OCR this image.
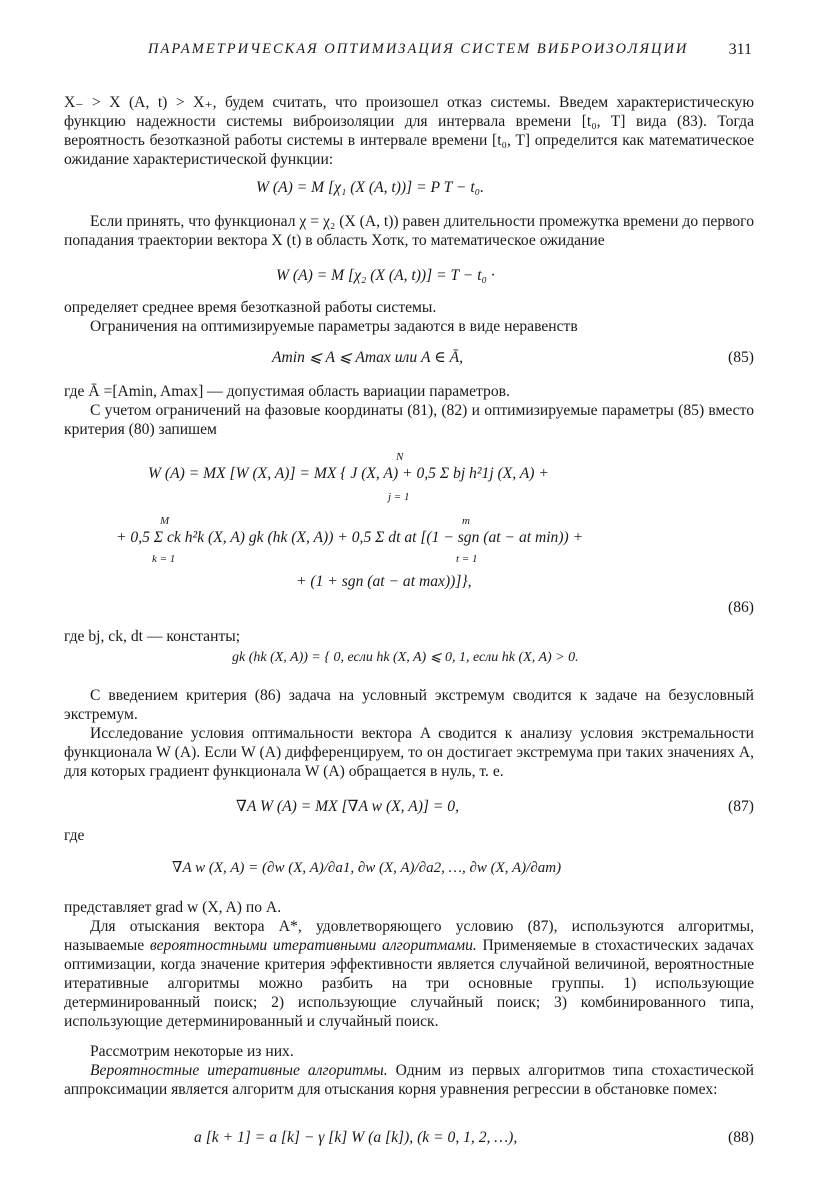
ПАРАМЕТРИЧЕСКАЯ ОПТИМИЗАЦИЯ СИСТЕМ ВИБРОИЗОЛЯЦИИ	311

X₋ > X (A, t) > X₊, будем считать, что произошел отказ системы. Введем характеристическую функцию надежности системы виброизоляции для интервала времени [t₀, T] вида (83). Тогда вероятность безотказной работы системы в интервале времени [t₀, T] определится как математическое ожидание характеристической функции:

W (A) = M [χ₁ (X (A, t))] = P T − t₀.

Если принять, что функционал χ = χ₂ (X (A, t)) равен длительности промежутка времени до первого попадания траектории вектора X (t) в область Xотк, то математическое ожидание

W (A) = M [χ₂ (X (A, t))] = T − t₀ ·

определяет среднее время безотказной работы системы.

Ограничения на оптимизируемые параметры задаются в виде неравенств

Amin ⩽ A ⩽ Amax или A ∈ Ā,	(85)

где Ā =[Amin, Amax] — допустимая область вариации параметров.

С учетом ограничений на фазовые координаты (81), (82) и оптимизируемые параметры (85) вместо критерия (80) запишем

W (A) = MX [W (X, A)] = MX { J (X, A) + 0,5 Σ bj h²1j (X, A) +
N
j = 1
+ 0,5 Σ ck h²k (X, A) gk (hk (X, A)) + 0,5 Σ dt at [(1 − sgn (at − at min)) +
M
k = 1
m
t = 1
+ (1 + sgn (at − at max))]},
(86)

где bj, ck, dt — константы;

gk (hk (X, A)) = { 0, если hk (X, A) ⩽ 0, 1, если hk (X, A) > 0.

С введением критерия (86) задача на условный экстремум сводится к задаче на безусловный экстремум.

Исследование условия оптимальности вектора A сводится к анализу условия экстремальности функционала W (A). Если W (A) дифференцируем, то он достигает экстремума при таких значениях A, для которых градиент функционала W (A) обращается в нуль, т. е.

∇A W (A) = MX [∇A w (X, A)] = 0,	(87)

где

∇A w (X, A) = (∂w (X, A)/∂a1, ∂w (X, A)/∂a2, …, ∂w (X, A)/∂am)

представляет grad w (X, A) по A.

Для отыскания вектора A*, удовлетворяющего условию (87), используются алгоритмы, называемые вероятностными итеративными алгоритмами. Применяемые в стохастических задачах оптимизации, когда значение критерия эффективности является случайной величиной, вероятностные итеративные алгоритмы можно разбить на три основные группы. 1) использующие детерминированный поиск; 2) использующие случайный поиск; 3) комбинированного типа, использующие детерминированный и случайный поиск.

Рассмотрим некоторые из них.

Вероятностные итеративные алгоритмы. Одним из первых алгоритмов типа стохастической аппроксимации является алгоритм для отыскания корня уравнения регрессии в обстановке помех:

a [k + 1] = a [k] − γ [k] W (a [k]), (k = 0, 1, 2, …),	(88)
